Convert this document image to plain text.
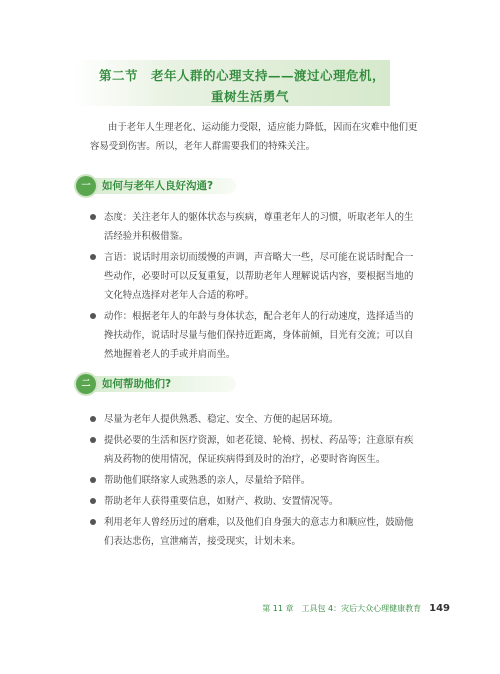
第二节　老年人群的心理支持——渡过心理危机，
重树生活勇气

由于老年人生理老化、运动能力受限，适应能力降低，因而在灾难中他们更容易受到伤害。所以，老年人群需要我们的特殊关注。

一	如何与老年人良好沟通?
态度：关注老年人的躯体状态与疾病，尊重老年人的习惯，听取老年人的生活经验并积极借鉴。
言语：说话时用亲切而缓慢的声调，声音略大一些，尽可能在说话时配合一些动作，必要时可以反复重复，以帮助老年人理解说话内容，要根据当地的文化特点选择对老年人合适的称呼。
动作：根据老年人的年龄与身体状态，配合老年人的行动速度，选择适当的搀扶动作，说话时尽量与他们保持近距离，身体前倾，目光有交流；可以自然地握着老人的手或并肩而坐。
二	如何帮助他们?
尽量为老年人提供熟悉、稳定、安全、方便的起居环境。
提供必要的生活和医疗资源，如老花镜、轮椅、拐杖、药品等；注意原有疾病及药物的使用情况，保证疾病得到及时的治疗，必要时咨询医生。
帮助他们联络家人或熟悉的亲人，尽量给予陪伴。
帮助老年人获得重要信息，如财产、救助、安置情况等。
利用老年人曾经历过的磨难，以及他们自身强大的意志力和顺应性，鼓励他们表达悲伤，宣泄痛苦，接受现实，计划未来。
第 11 章　工具包 4：灾后大众心理健康教育 149
